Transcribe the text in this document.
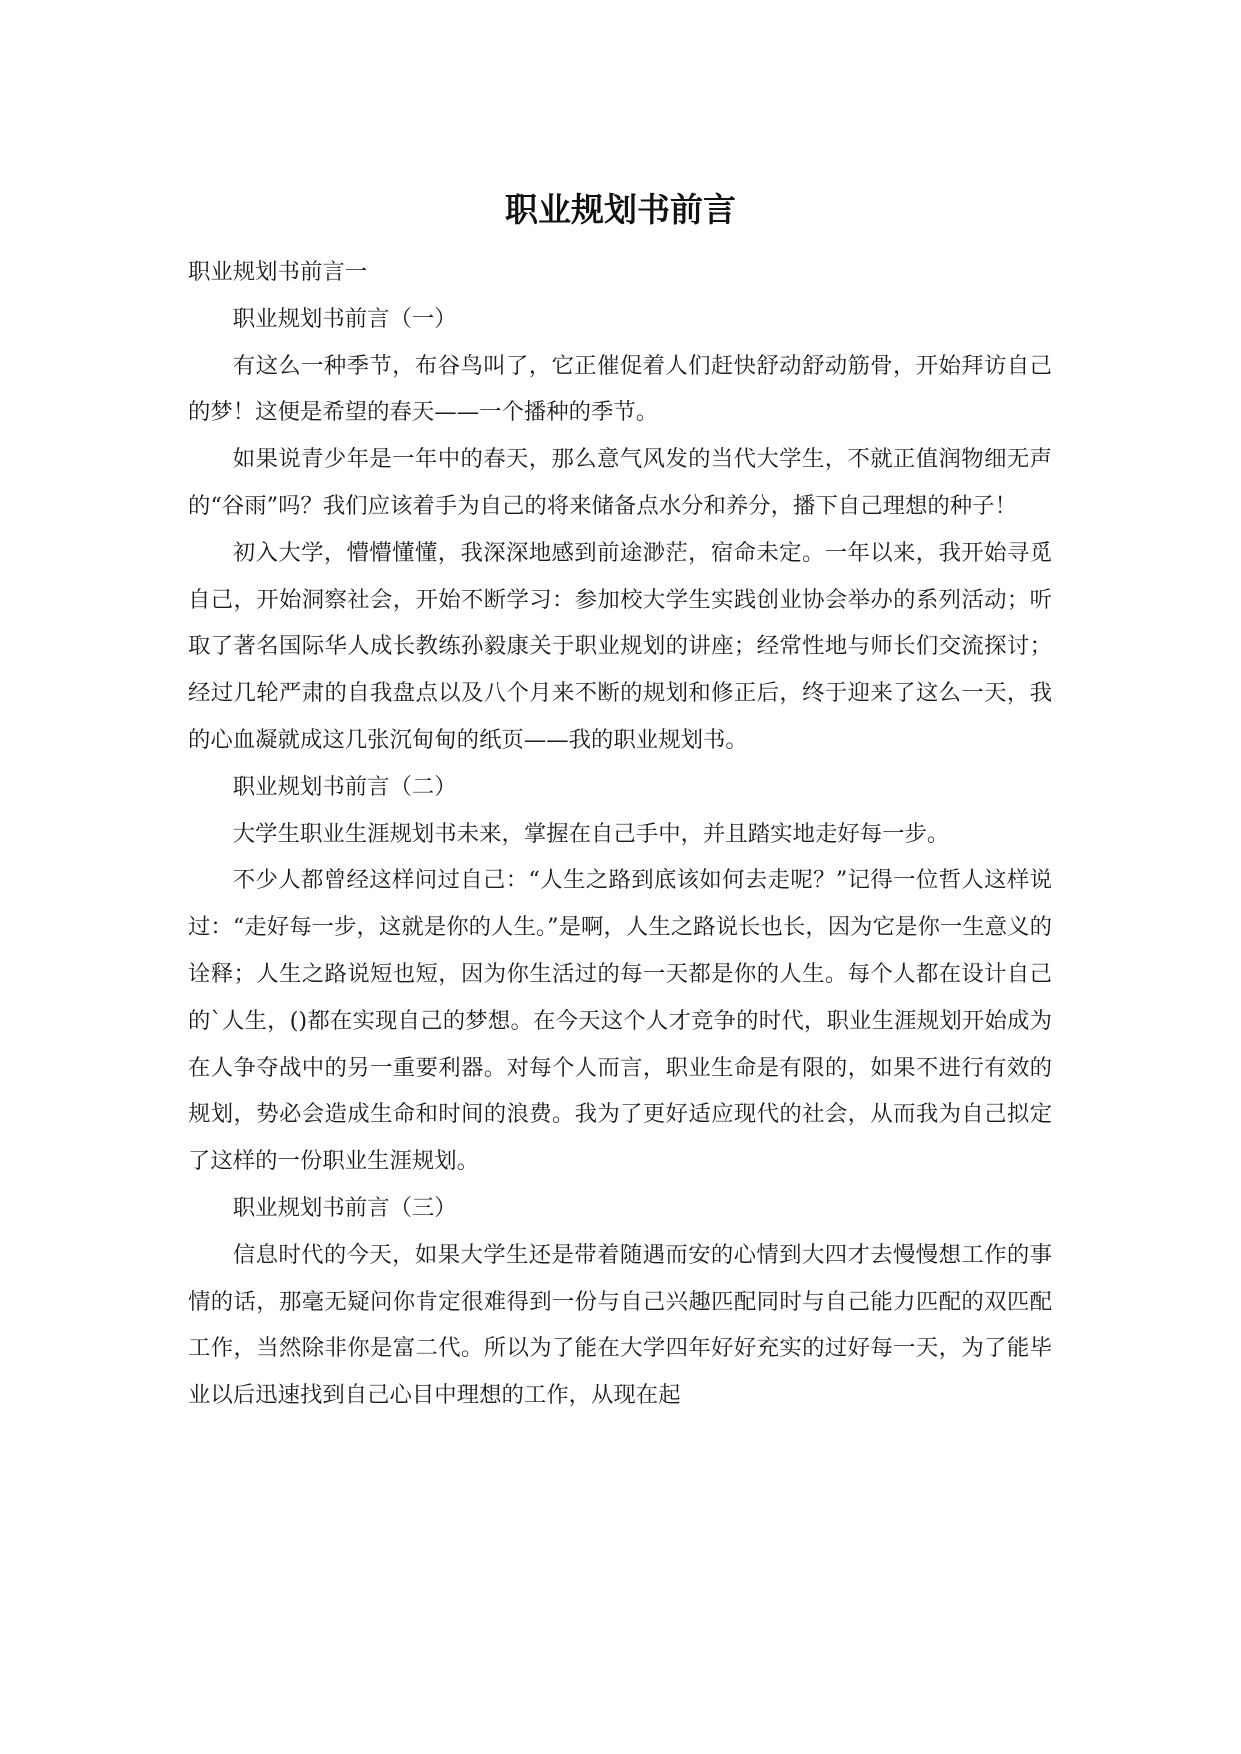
职业规划书前言

职业规划书前言一

职业规划书前言（一）

有这么一种季节，布谷鸟叫了，它正催促着人们赶快舒动舒动筋骨，开始拜访自己的梦！这便是希望的春天——一个播种的季节。

如果说青少年是一年中的春天，那么意气风发的当代大学生，不就正值润物细无声的“谷雨”吗？我们应该着手为自己的将来储备点水分和养分，播下自己理想的种子！

初入大学，懵懵懂懂，我深深地感到前途渺茫，宿命未定。一年以来，我开始寻觅自己，开始洞察社会，开始不断学习：参加校大学生实践创业协会举办的系列活动；听取了著名国际华人成长教练孙毅康关于职业规划的讲座；经常性地与师长们交流探讨；经过几轮严肃的自我盘点以及八个月来不断的规划和修正后，终于迎来了这么一天，我的心血凝就成这几张沉甸甸的纸页——我的职业规划书。

职业规划书前言（二）

大学生职业生涯规划书未来，掌握在自己手中，并且踏实地走好每一步。

不少人都曾经这样问过自己：“人生之路到底该如何去走呢？”记得一位哲人这样说过：“走好每一步，这就是你的人生。”是啊，人生之路说长也长，因为它是你一生意义的诠释；人生之路说短也短，因为你生活过的每一天都是你的人生。每个人都在设计自己的`人生，()都在实现自己的梦想。在今天这个人才竞争的时代，职业生涯规划开始成为在人争夺战中的另一重要利器。对每个人而言，职业生命是有限的，如果不进行有效的规划，势必会造成生命和时间的浪费。我为了更好适应现代的社会，从而我为自己拟定了这样的一份职业生涯规划。

职业规划书前言（三）

信息时代的今天，如果大学生还是带着随遇而安的心情到大四才去慢慢想工作的事情的话，那毫无疑问你肯定很难得到一份与自己兴趣匹配同时与自己能力匹配的双匹配工作，当然除非你是富二代。所以为了能在大学四年好好充实的过好每一天，为了能毕业以后迅速找到自己心目中理想的工作，从现在起
